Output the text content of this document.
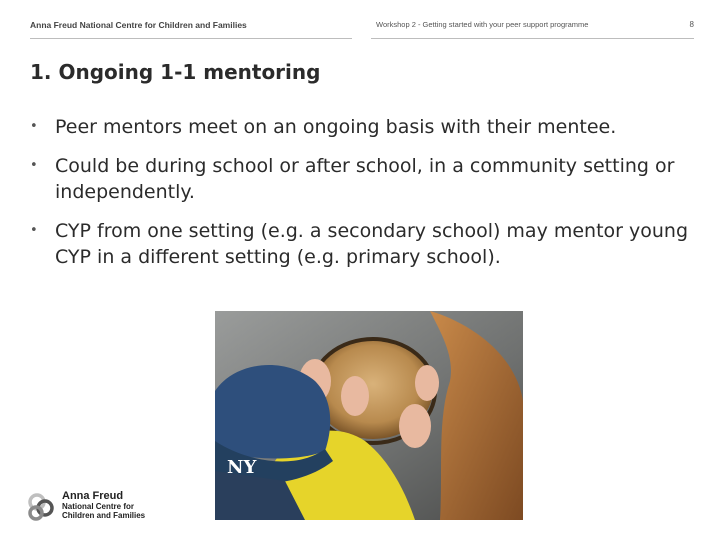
Anna Freud National Centre for Children and Families	Workshop 2 - Getting started with your peer support programme	8
1. Ongoing 1-1 mentoring
• Peer mentors meet on an ongoing basis with their mentee.
• Could be during school or after school, in a community setting or independently.
• CYP from one setting (e.g. a secondary school) may mentor young CYP in a different setting (e.g. primary school).
NY
Anna Freud
National Centre for
Children and Families
